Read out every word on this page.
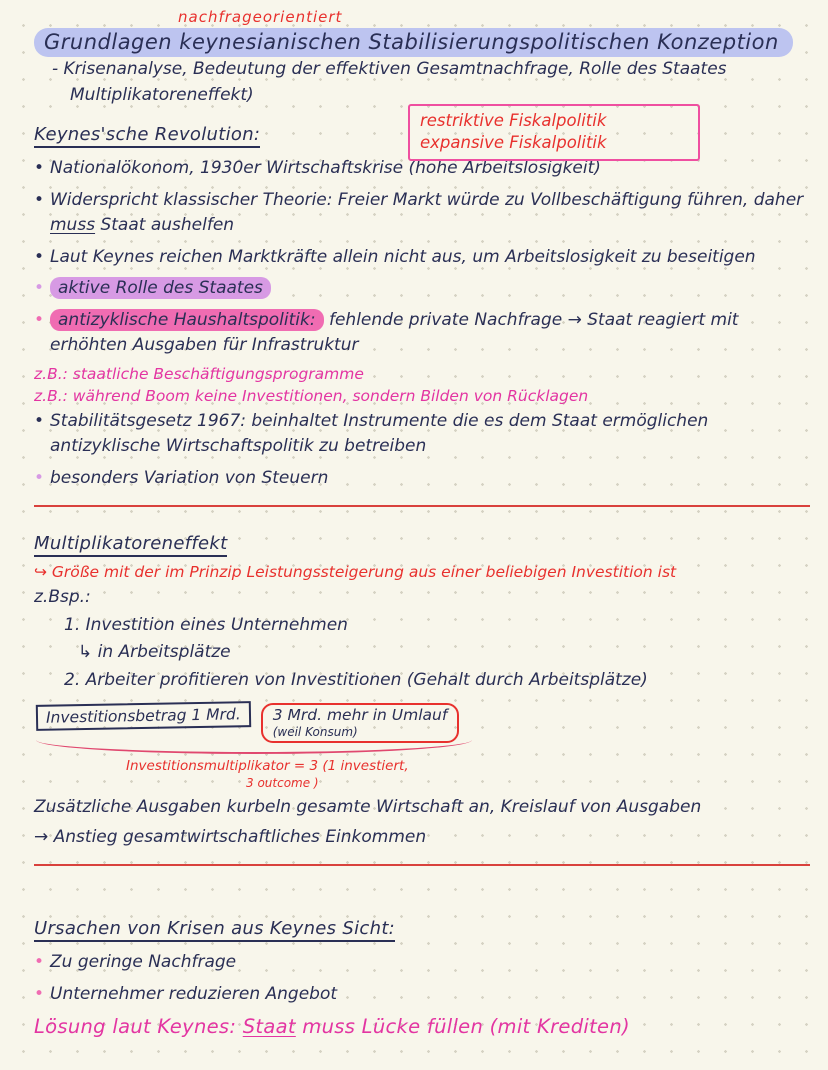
nachfrageorientiert
Grundlagen keynesianischen Stabilisierungspolitischen Konzeption
- Krisenanalyse, Bedeutung der effektiven Gesamtnachfrage, Rolle des Staates
Multiplikatoreneffekt)
restriktive Fiskalpolitik
expansive Fiskalpolitik
Keynes'sche Revolution:
•
Nationalökonom, 1930er Wirtschaftskrise (hohe Arbeitslosigkeit)
•
Widerspricht klassischer Theorie: Freier Markt würde zu Vollbeschäftigung führen, daher muss Staat aushelfen
•
Laut Keynes reichen Marktkräfte allein nicht aus, um Arbeitslosigkeit zu beseitigen
•
aktive Rolle des Staates
•
antizyklische Haushaltspolitik: fehlende private Nachfrage → Staat reagiert mit erhöhten Ausgaben für Infrastruktur
z.B.: staatliche Beschäftigungsprogramme
z.B.: während Boom keine Investitionen, sondern Bilden von Rücklagen
•
Stabilitätsgesetz 1967: beinhaltet Instrumente die es dem Staat ermöglichen antizyklische Wirtschaftspolitik zu betreiben
•
besonders Variation von Steuern
Multiplikatoreneffekt
↪ Größe mit der im Prinzip Leistungssteigerung aus einer beliebigen Investition ist
z.Bsp.:
1. Investition eines Unternehmen
↳ in Arbeitsplätze
2. Arbeiter profitieren von Investitionen (Gehalt durch Arbeitsplätze)
Investitionsbetrag 1 Mrd.	3 Mrd. mehr in Umlauf
(weil Konsum)
Investitionsmultiplikator = 3 (1 investiert,
3 outcome )
Zusätzliche Ausgaben kurbeln gesamte Wirtschaft an, Kreislauf von Ausgaben
→ Anstieg gesamtwirtschaftliches Einkommen
Ursachen von Krisen aus Keynes Sicht:
•
Zu geringe Nachfrage
•
Unternehmer reduzieren Angebot
Lösung laut Keynes: Staat muss Lücke füllen (mit Krediten)
